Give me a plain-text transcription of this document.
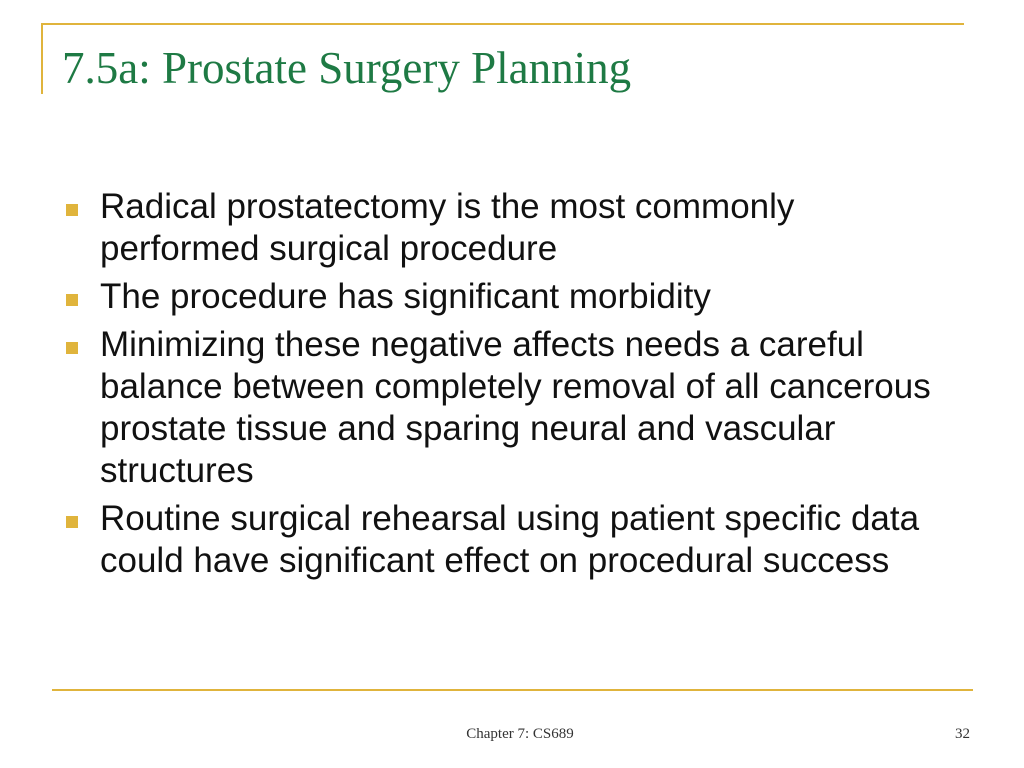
7.5a: Prostate Surgery Planning
Radical prostatectomy is the most commonly performed surgical procedure
The procedure has significant morbidity
Minimizing these negative affects needs a careful balance between completely removal of all cancerous prostate tissue and sparing neural and vascular structures
Routine surgical rehearsal using patient specific data could have significant effect on procedural success
Chapter 7: CS689	32
